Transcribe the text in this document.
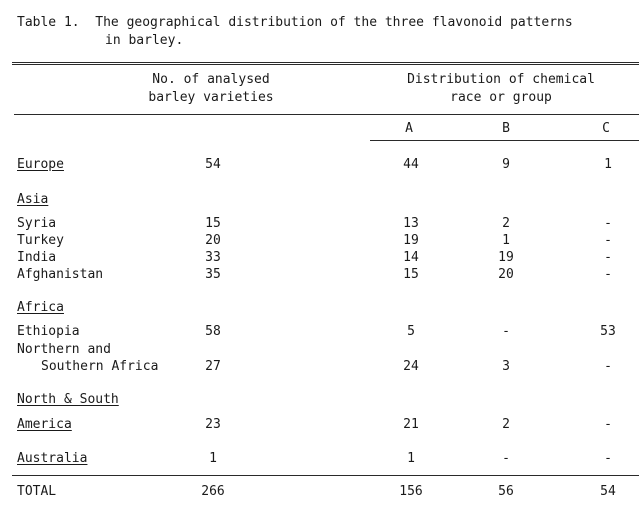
Table 1.  The geographical distribution of the three flavonoid patterns
in barley.
No. of analysed
barley varieties
Distribution of chemical
race or group
A	B	C
Europe	54	44	9	1
Asia
Syria	15	13	2	-
Turkey	20	19	1	-
India	33	14	19	-
Afghanistan	35	15	20	-
Africa
Ethiopia	58	5	-	53
Northern and
Southern Africa	27	24	3	-
North & South
America	23	21	2	-
Australia	1	1	-	-
TOTAL	266	156	56	54
